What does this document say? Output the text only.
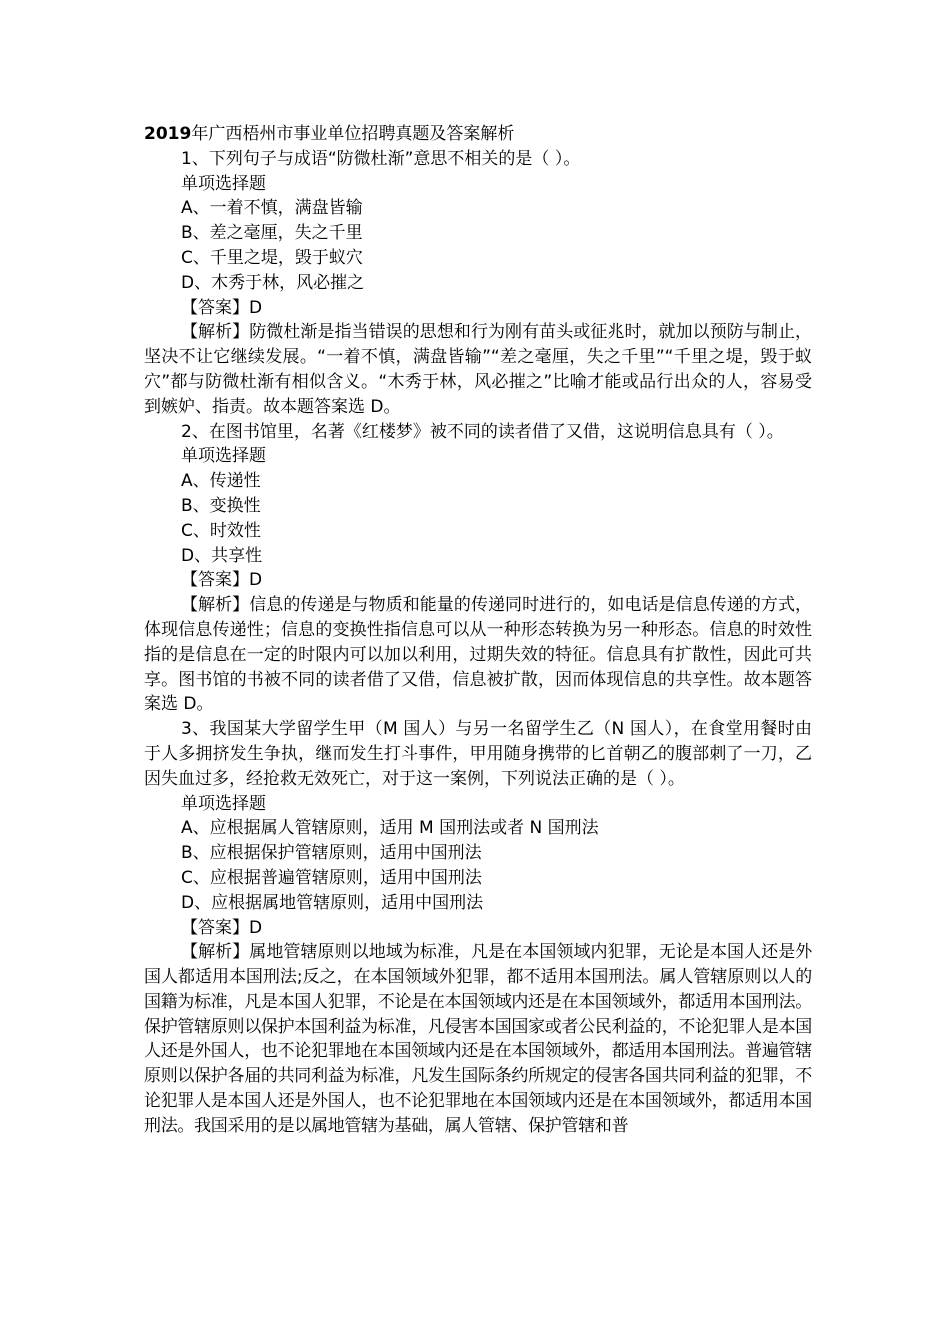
2019年广西梧州市事业单位招聘真题及答案解析

1、下列句子与成语“防微杜渐”意思不相关的是（ ）。

单项选择题

A、一着不慎，满盘皆输

B、差之毫厘，失之千里

C、千里之堤，毁于蚁穴

D、木秀于林，风必摧之

【答案】D

【解析】防微杜渐是指当错误的思想和行为刚有苗头或征兆时，就加以预防与制止，坚决不让它继续发展。“一着不慎，满盘皆输”“差之毫厘，失之千里”“千里之堤，毁于蚁穴”都与防微杜渐有相似含义。“木秀于林，风必摧之”比喻才能或品行出众的人，容易受到嫉妒、指责。故本题答案选 D。

2、在图书馆里，名著《红楼梦》被不同的读者借了又借，这说明信息具有（ ）。

单项选择题

A、传递性

B、变换性

C、时效性

D、共享性

【答案】D

【解析】信息的传递是与物质和能量的传递同时进行的，如电话是信息传递的方式，体现信息传递性；信息的变换性指信息可以从一种形态转换为另一种形态。信息的时效性指的是信息在一定的时限内可以加以利用，过期失效的特征。信息具有扩散性，因此可共享。图书馆的书被不同的读者借了又借，信息被扩散，因而体现信息的共享性。故本题答案选 D。

3、我国某大学留学生甲（M 国人）与另一名留学生乙（N 国人），在食堂用餐时由于人多拥挤发生争执，继而发生打斗事件，甲用随身携带的匕首朝乙的腹部刺了一刀，乙因失血过多，经抢救无效死亡，对于这一案例，下列说法正确的是（ ）。

单项选择题

A、应根据属人管辖原则，适用 M 国刑法或者 N 国刑法

B、应根据保护管辖原则，适用中国刑法

C、应根据普遍管辖原则，适用中国刑法

D、应根据属地管辖原则，适用中国刑法

【答案】D

【解析】属地管辖原则以地域为标准，凡是在本国领域内犯罪，无论是本国人还是外国人都适用本国刑法;反之，在本国领域外犯罪，都不适用本国刑法。属人管辖原则以人的国籍为标准，凡是本国人犯罪，不论是在本国领域内还是在本国领域外，都适用本国刑法。保护管辖原则以保护本国利益为标准，凡侵害本国国家或者公民利益的，不论犯罪人是本国人还是外国人，也不论犯罪地在本国领域内还是在本国领域外，都适用本国刑法。普遍管辖原则以保护各届的共同利益为标准，凡发生国际条约所规定的侵害各国共同利益的犯罪，不论犯罪人是本国人还是外国人，也不论犯罪地在本国领域内还是在本国领域外，都适用本国刑法。我国采用的是以属地管辖为基础，属人管辖、保护管辖和普
